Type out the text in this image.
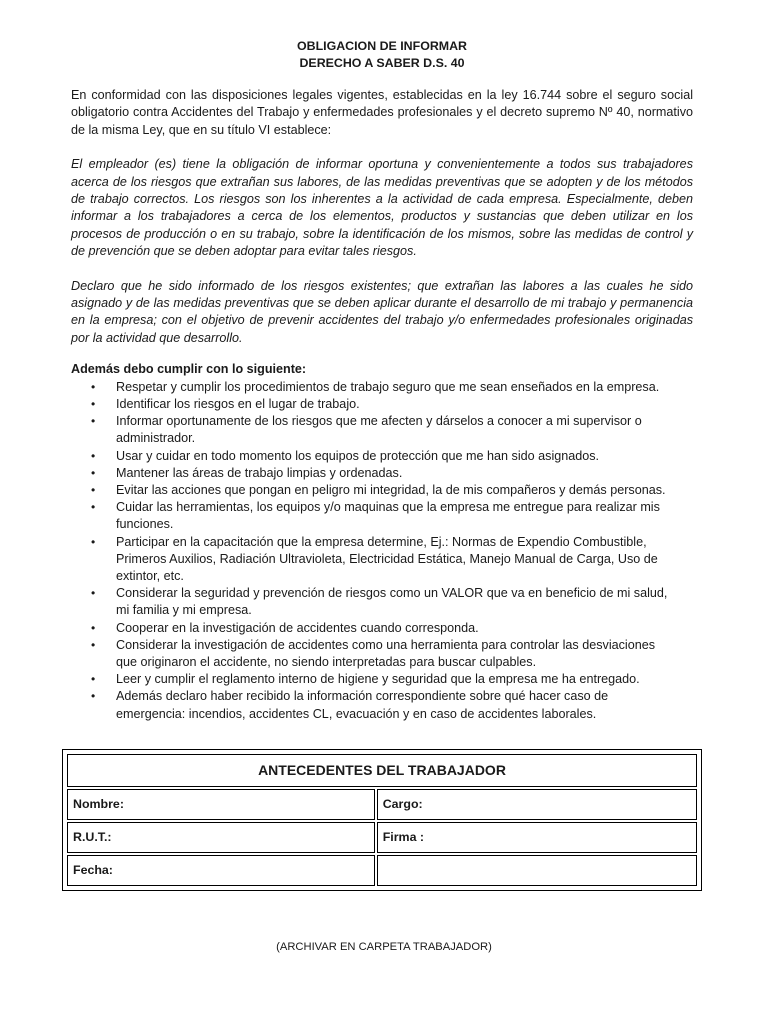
OBLIGACION DE INFORMAR
DERECHO A SABER D.S. 40

En conformidad con las disposiciones legales vigentes, establecidas en la ley 16.744 sobre el seguro social obligatorio contra Accidentes del Trabajo y enfermedades profesionales y el decreto supremo Nº 40, normativo de la misma Ley, que en su título VI establece:

El empleador (es) tiene la obligación de informar oportuna y convenientemente a todos sus trabajadores acerca de los riesgos que extrañan sus labores, de las medidas preventivas que se adopten y de los métodos de trabajo correctos. Los riesgos son los inherentes a la actividad de cada empresa. Especialmente, deben informar a los trabajadores a cerca de los elementos, productos y sustancias que deben utilizar en los procesos de producción o en su trabajo, sobre la identificación de los mismos, sobre las medidas de control y de prevención que se deben adoptar para evitar tales riesgos.

Declaro que he sido informado de los riesgos existentes; que extrañan las labores a las cuales he sido asignado y de las medidas preventivas que se deben aplicar durante el desarrollo de mi trabajo y permanencia en la empresa; con el objetivo de prevenir accidentes del trabajo y/o enfermedades profesionales originadas por la actividad que desarrollo.

Además debo cumplir con lo siguiente:
• Respetar y cumplir los procedimientos de trabajo seguro que me sean enseñados en la empresa.
• Identificar los riesgos en el lugar de trabajo.
• Informar oportunamente de los riesgos que me afecten y dárselos a conocer a mi supervisor o administrador.
• Usar y cuidar en todo momento los equipos de protección que me han sido asignados.
• Mantener las áreas de trabajo limpias y ordenadas.
• Evitar las acciones que pongan en peligro mi integridad, la de mis compañeros y demás personas.
• Cuidar las herramientas, los equipos y/o maquinas que la empresa me entregue para realizar mis funciones.
• Participar en la capacitación que la empresa determine, Ej.: Normas de Expendio Combustible, Primeros Auxilios, Radiación Ultravioleta, Electricidad Estática, Manejo Manual de Carga, Uso de extintor, etc.
• Considerar la seguridad y prevención de riesgos como un VALOR que va en beneficio de mi salud, mi familia y mi empresa.
• Cooperar en la investigación de accidentes cuando corresponda.
• Considerar la investigación de accidentes como una herramienta para controlar las desviaciones que originaron el accidente, no siendo interpretadas para buscar culpables.
• Leer y cumplir el reglamento interno de higiene y seguridad que la empresa me ha entregado.
• Además declaro haber recibido la información correspondiente sobre qué hacer caso de emergencia: incendios, accidentes CL, evacuación y en caso de accidentes laborales.
ANTECEDENTES DEL TRABAJADOR	
Nombre:	Cargo:
R.U.T.:	Firma :
Fecha:	
(ARCHIVAR EN CARPETA TRABAJADOR)
